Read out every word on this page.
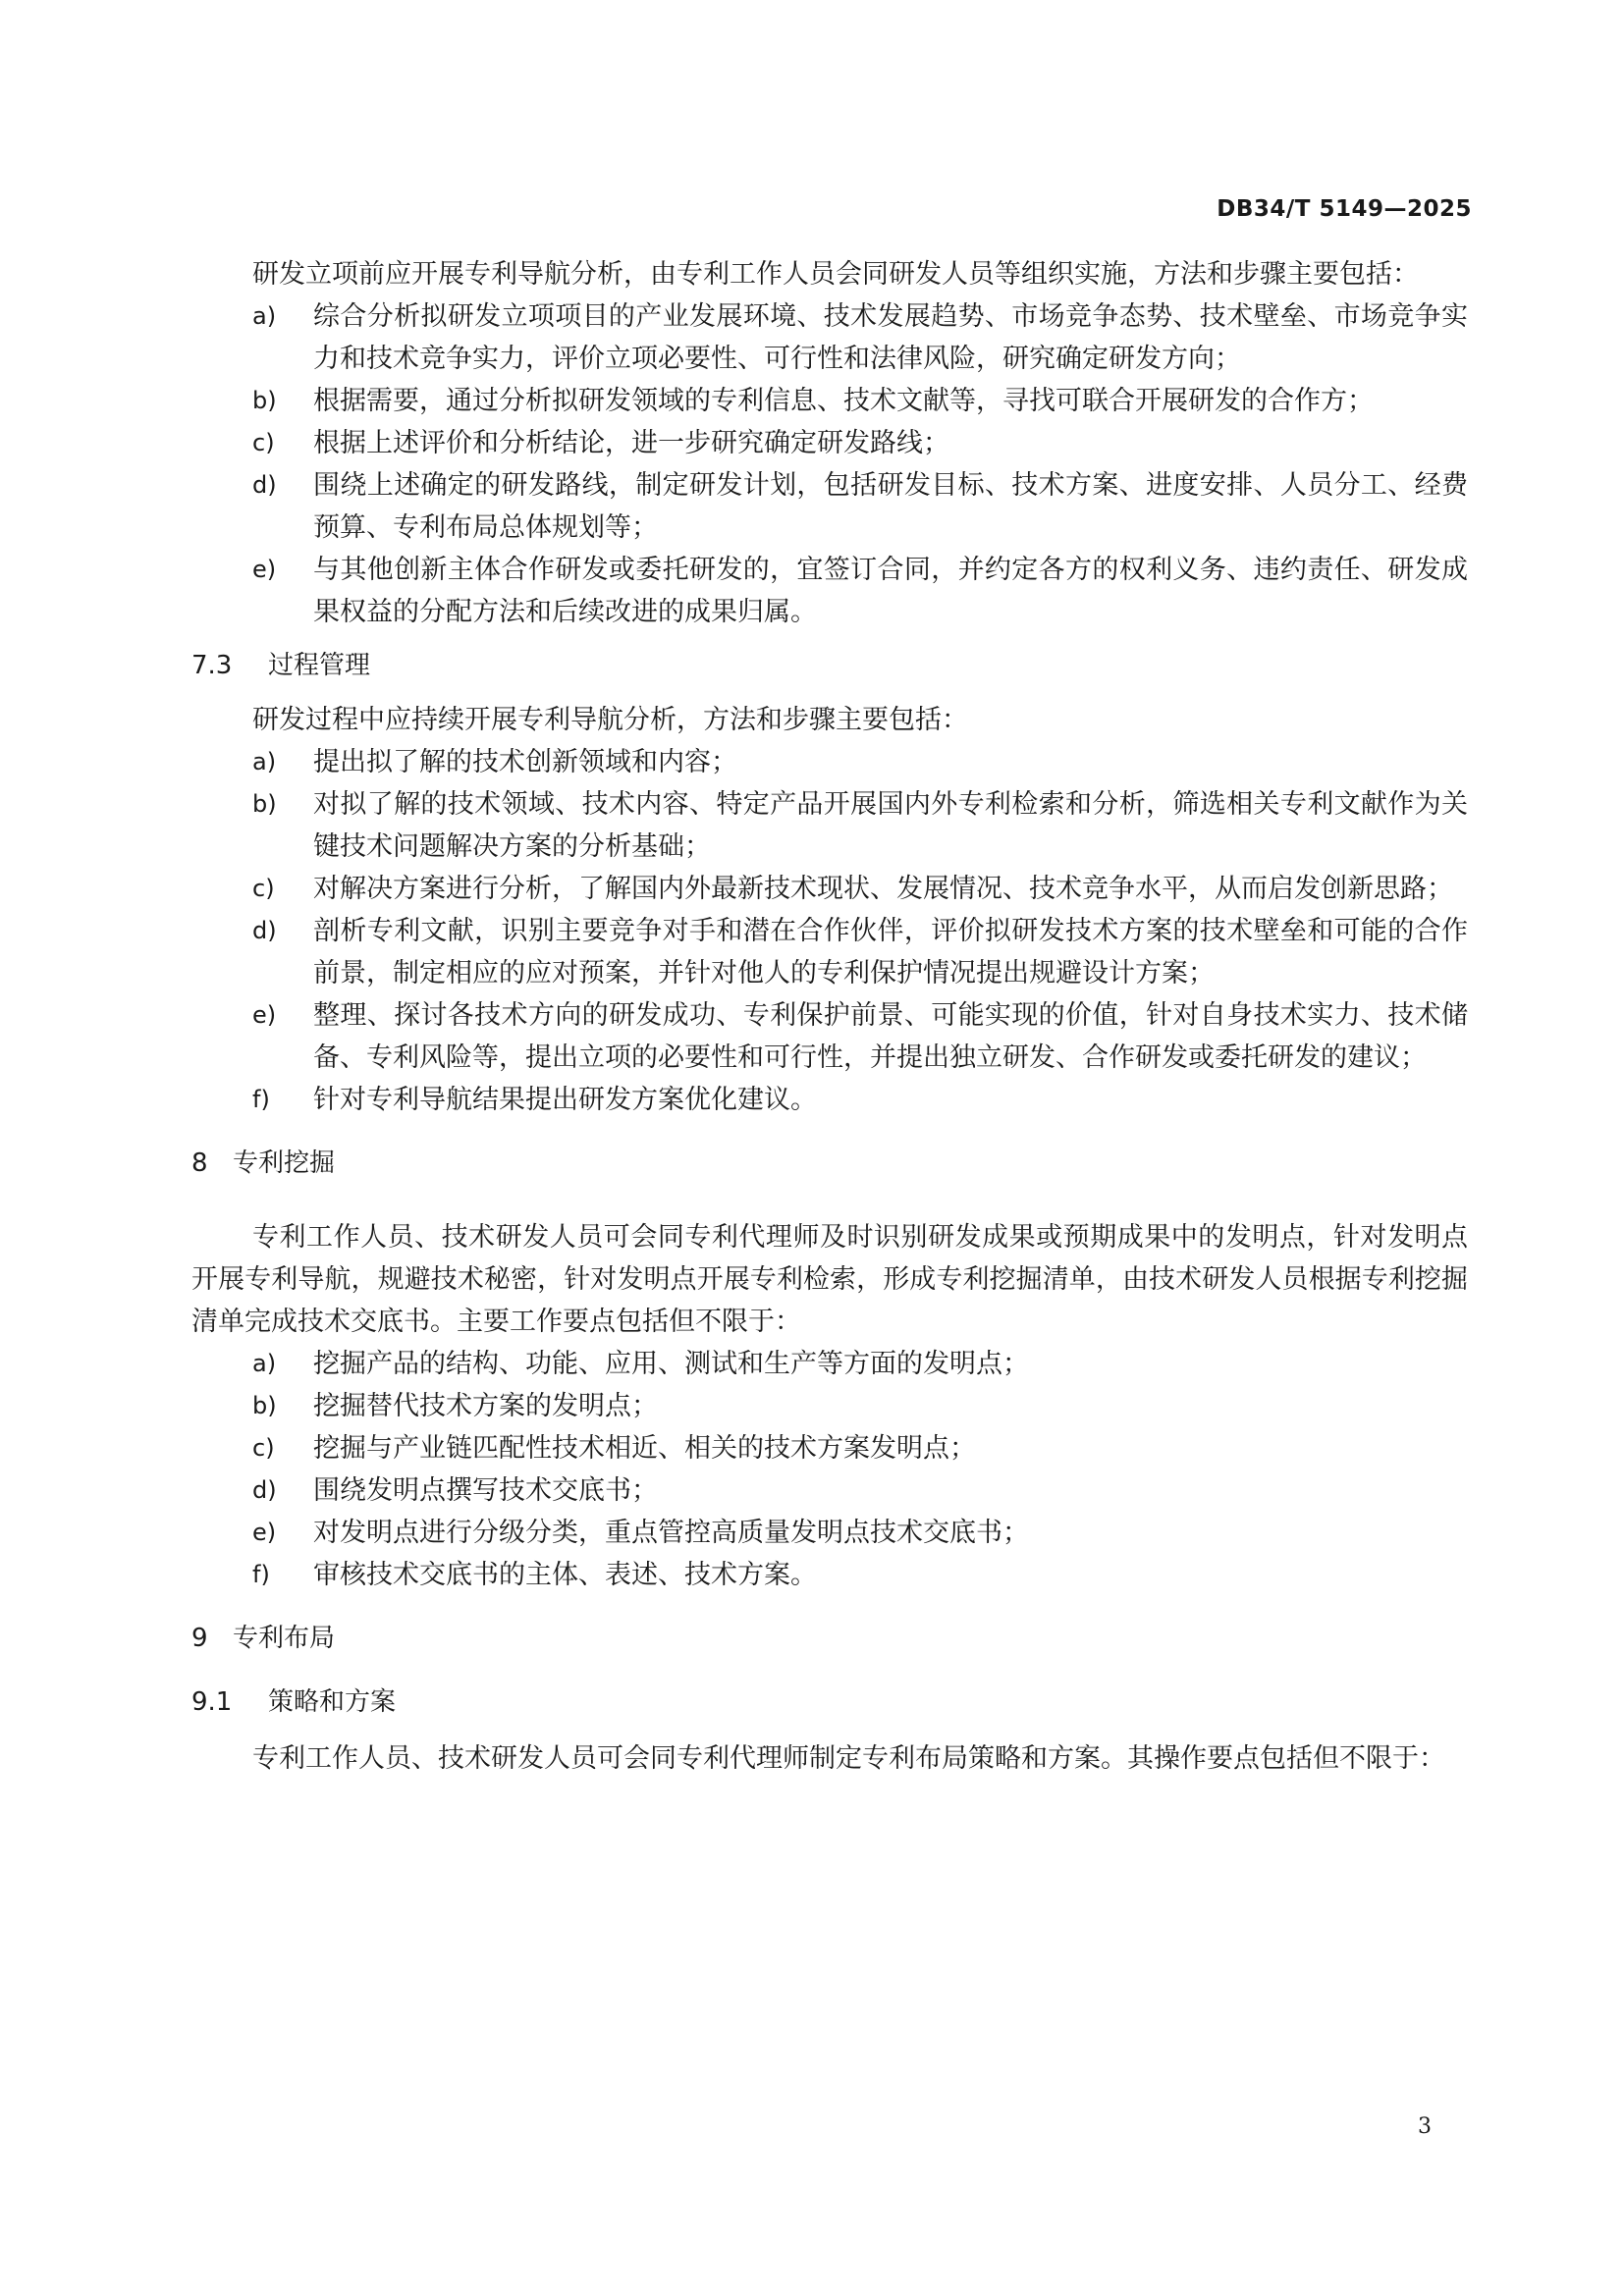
DB34/T 5149—2025

研发立项前应开展专利导航分析，由专利工作人员会同研发人员等组织实施，方法和步骤主要包括：

a)	综合分析拟研发立项项目的产业发展环境、技术发展趋势、市场竞争态势、技术壁垒、市场竞争实力和技术竞争实力，评价立项必要性、可行性和法律风险，研究确定研发方向；
b)	根据需要，通过分析拟研发领域的专利信息、技术文献等，寻找可联合开展研发的合作方；
c)	根据上述评价和分析结论，进一步研究确定研发路线；
d)	围绕上述确定的研发路线，制定研发计划，包括研发目标、技术方案、进度安排、人员分工、经费预算、专利布局总体规划等；
e)	与其他创新主体合作研发或委托研发的，宜签订合同，并约定各方的权利义务、违约责任、研发成果权益的分配方法和后续改进的成果归属。
7.3	过程管理

研发过程中应持续开展专利导航分析，方法和步骤主要包括：

a)	提出拟了解的技术创新领域和内容；
b)	对拟了解的技术领域、技术内容、特定产品开展国内外专利检索和分析，筛选相关专利文献作为关键技术问题解决方案的分析基础；
c)	对解决方案进行分析，了解国内外最新技术现状、发展情况、技术竞争水平，从而启发创新思路；
d)	剖析专利文献，识别主要竞争对手和潜在合作伙伴，评价拟研发技术方案的技术壁垒和可能的合作前景，制定相应的应对预案，并针对他人的专利保护情况提出规避设计方案；
e)	整理、探讨各技术方向的研发成功、专利保护前景、可能实现的价值，针对自身技术实力、技术储备、专利风险等，提出立项的必要性和可行性，并提出独立研发、合作研发或委托研发的建议；
f)	针对专利导航结果提出研发方案优化建议。
8 专利挖掘

专利工作人员、技术研发人员可会同专利代理师及时识别研发成果或预期成果中的发明点，针对发明点开展专利导航，规避技术秘密，针对发明点开展专利检索，形成专利挖掘清单，由技术研发人员根据专利挖掘清单完成技术交底书。主要工作要点包括但不限于：

a)	挖掘产品的结构、功能、应用、测试和生产等方面的发明点；
b)	挖掘替代技术方案的发明点；
c)	挖掘与产业链匹配性技术相近、相关的技术方案发明点；
d)	围绕发明点撰写技术交底书；
e)	对发明点进行分级分类，重点管控高质量发明点技术交底书；
f)	审核技术交底书的主体、表述、技术方案。
9 专利布局
9.1	策略和方案

专利工作人员、技术研发人员可会同专利代理师制定专利布局策略和方案。其操作要点包括但不限于：

3
